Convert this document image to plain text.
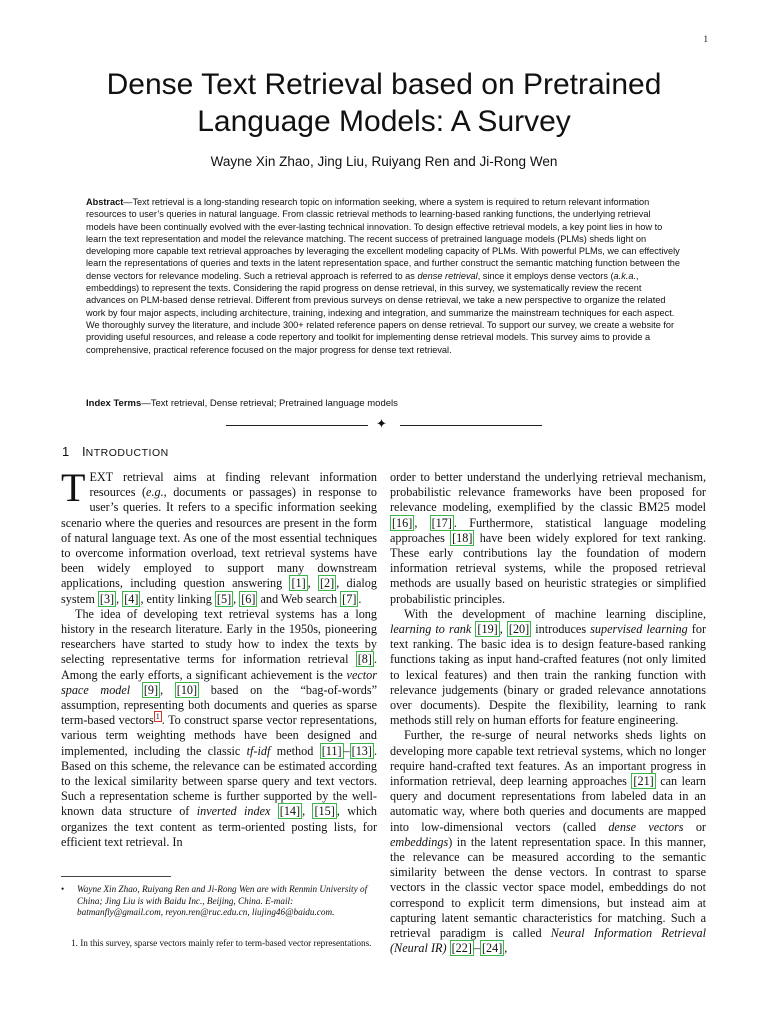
1
Dense Text Retrieval based on Pretrained Language Models: A Survey
Wayne Xin Zhao, Jing Liu, Ruiyang Ren and Ji-Rong Wen
Abstract—Text retrieval is a long-standing research topic on information seeking, where a system is required to return relevant information resources to user’s queries in natural language. From classic retrieval methods to learning-based ranking functions, the underlying retrieval models have been continually evolved with the ever-lasting technical innovation. To design effective retrieval models, a key point lies in how to learn the text representation and model the relevance matching. The recent success of pretrained language models (PLMs) sheds light on developing more capable text retrieval approaches by leveraging the excellent modeling capacity of PLMs. With powerful PLMs, we can effectively learn the representations of queries and texts in the latent representation space, and further construct the semantic matching function between the dense vectors for relevance modeling. Such a retrieval approach is referred to as dense retrieval, since it employs dense vectors (a.k.a., embeddings) to represent the texts. Considering the rapid progress on dense retrieval, in this survey, we systematically review the recent advances on PLM-based dense retrieval. Different from previous surveys on dense retrieval, we take a new perspective to organize the related work by four major aspects, including architecture, training, indexing and integration, and summarize the mainstream techniques for each aspect. We thoroughly survey the literature, and include 300+ related reference papers on dense retrieval. To support our survey, we create a website for providing useful resources, and release a code repertory and toolkit for implementing dense retrieval models. This survey aims to provide a comprehensive, practical reference focused on the major progress for dense text retrieval.
Index Terms—Text retrieval, Dense retrieval; Pretrained language models
✦
1 INTRODUCTION

TEXT retrieval aims at finding relevant information resources (e.g., documents or passages) in response to user’s queries. It refers to a specific information seeking scenario where the queries and resources are present in the form of natural language text. As one of the most essential techniques to overcome information overload, text retrieval systems have been widely employed to support many downstream applications, including question answering [1] , [2] , dialog system [3] , [4] , entity linking [5] , [6] and Web search [7] .

The idea of developing text retrieval systems has a long history in the research literature. Early in the 1950s, pioneering researchers have started to study how to index the texts by selecting representative terms for information retrieval [8] . Among the early efforts, a significant achievement is the vector space model [9] , [10] based on the “bag-of-words” assumption, representing both documents and queries as sparse term-based vectors $^1$ . To construct sparse vector representations, various term weighting methods have been designed and implemented, including the classic tf-idf method [11] – [13] . Based on this scheme, the relevance can be estimated according to the lexical similarity between sparse query and text vectors. Such a representation scheme is further supported by the well-known data structure of inverted index [14] , [15] , which organizes the text content as term-oriented posting lists, for efficient text retrieval. In

order to better understand the underlying retrieval mechanism, probabilistic relevance frameworks have been proposed for relevance modeling, exemplified by the classic BM25 model [16] , [17] . Furthermore, statistical language modeling approaches [18] have been widely explored for text ranking. These early contributions lay the foundation of modern information retrieval systems, while the proposed retrieval methods are usually based on heuristic strategies or simplified probabilistic principles.

With the development of machine learning discipline, learning to rank [19] , [20] introduces supervised learning for text ranking. The basic idea is to design feature-based ranking functions taking as input hand-crafted features (not only limited to lexical features) and then train the ranking function with relevance judgements (binary or graded relevance annotations over documents). Despite the flexibility, learning to rank methods still rely on human efforts for feature engineering.

Further, the re-surge of neural networks sheds lights on developing more capable text retrieval systems, which no longer require hand-crafted text features. As an important progress in information retrieval, deep learning approaches [21] can learn query and document representations from labeled data in an automatic way, where both queries and documents are mapped into low-dimensional vectors (called dense vectors or embeddings) in the latent representation space. In this manner, the relevance can be measured according to the semantic similarity between the dense vectors. In contrast to sparse vectors in the classic vector space model, embeddings do not correspond to explicit term dimensions, but instead aim at capturing latent semantic characteristics for matching. Such a retrieval paradigm is called Neural Information Retrieval (Neural IR) [22] – [24] ,

• Wayne Xin Zhao, Ruiyang Ren and Ji-Rong Wen are with Renmin University of China; Jing Liu is with Baidu Inc., Beijing, China. E-mail: batmanfly@gmail.com, reyon.ren@ruc.edu.cn, liujing46@baidu.com.
1. In this survey, sparse vectors mainly refer to term-based vector representations.
